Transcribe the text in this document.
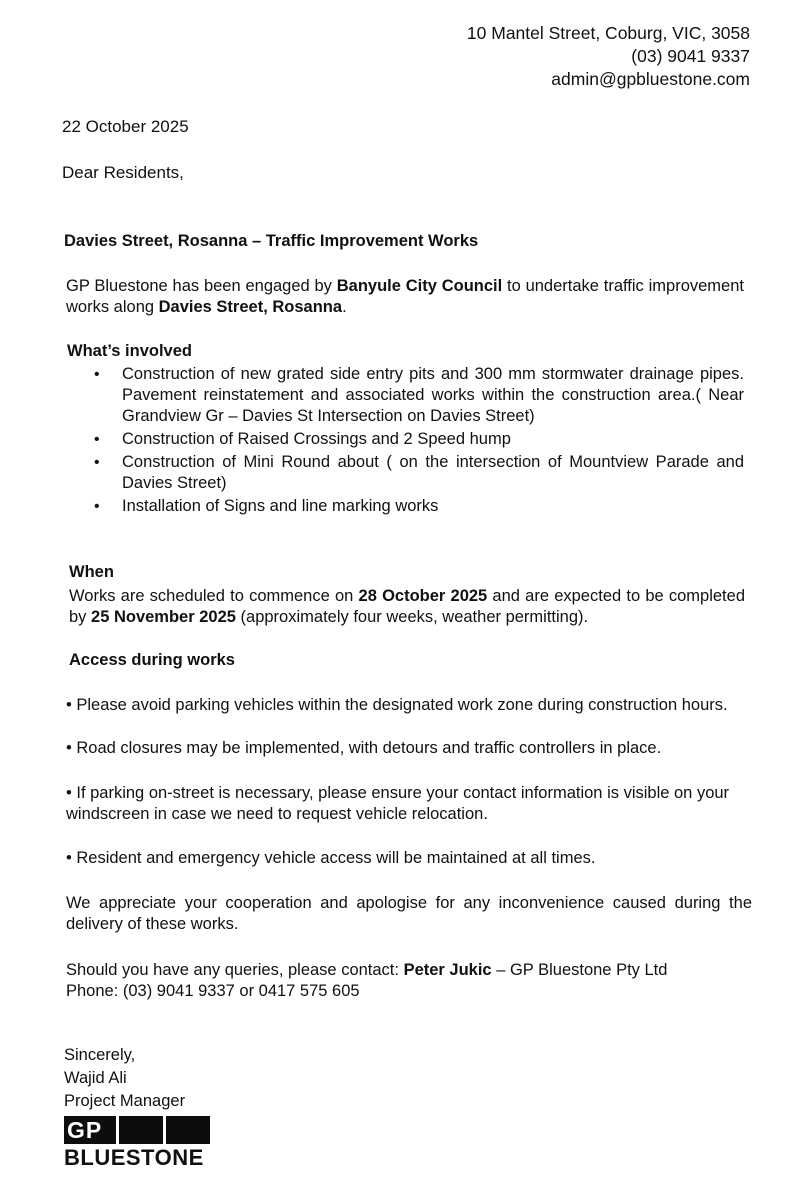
10 Mantel Street, Coburg, VIC, 3058
(03) 9041 9337
admin@gpbluestone.com
22 October 2025
Dear Residents,
Davies Street, Rosanna – Traffic Improvement Works
GP Bluestone has been engaged by Banyule City Council to undertake traffic improvement works along Davies Street, Rosanna.
What’s involved
• Construction of new grated side entry pits and 300 mm stormwater drainage pipes. Pavement reinstatement and associated works within the construction area.( Near Grandview Gr – Davies St Intersection on Davies Street)
• Construction of Raised Crossings and 2 Speed hump
• Construction of Mini Round about ( on the intersection of Mountview Parade and Davies Street)
• Installation of Signs and line marking works
When
Works are scheduled to commence on 28 October 2025 and are expected to be completed by 25 November 2025 (approximately four weeks, weather permitting).
Access during works
• Please avoid parking vehicles within the designated work zone during construction hours.
• Road closures may be implemented, with detours and traffic controllers in place.
• If parking on-street is necessary, please ensure your contact information is visible on your windscreen in case we need to request vehicle relocation.
• Resident and emergency vehicle access will be maintained at all times.
We appreciate your cooperation and apologise for any inconvenience caused during the delivery of these works.
Should you have any queries, please contact: Peter Jukic – GP Bluestone Pty Ltd
Phone: (03) 9041 9337 or 0417 575 605
Sincerely,
Wajid Ali
Project Manager
GP
BLUESTONE
